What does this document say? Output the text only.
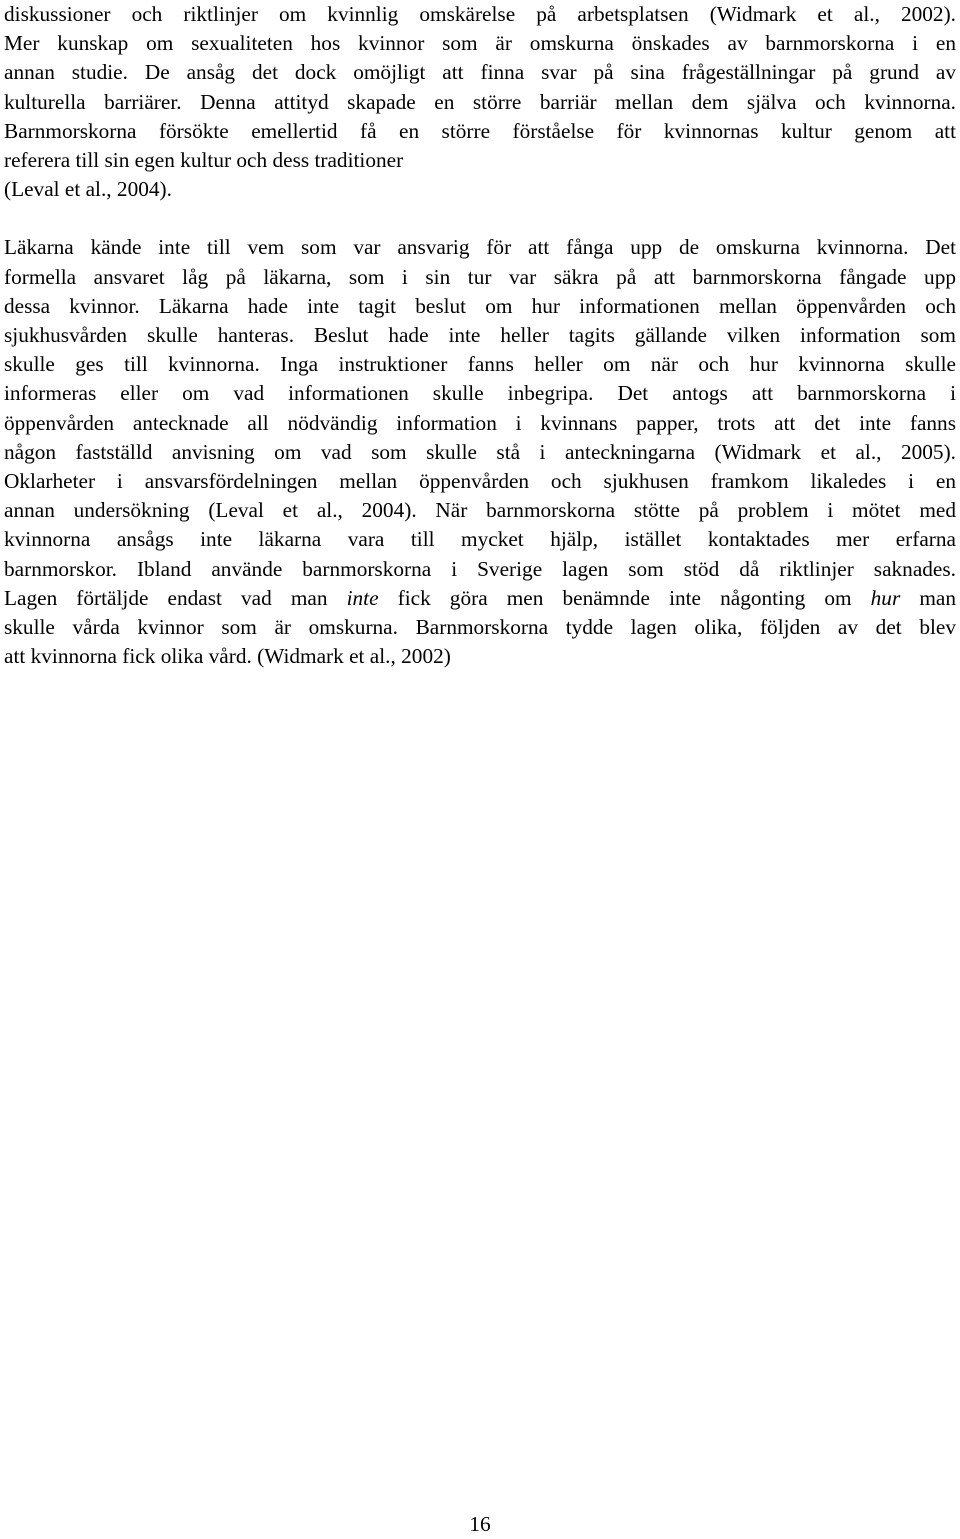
diskussioner och riktlinjer om kvinnlig omskärelse på arbetsplatsen (Widmark et al., 2002).
Mer kunskap om sexualiteten hos kvinnor som är omskurna önskades av barnmorskorna i en
annan studie. De ansåg det dock omöjligt att finna svar på sina frågeställningar på grund av
kulturella barriärer. Denna attityd skapade en större barriär mellan dem själva och kvinnorna.
Barnmorskorna försökte emellertid få en större förståelse för kvinnornas kultur genom att
referera till sin egen kultur och dess traditioner
(Leval et al., 2004).

Läkarna kände inte till vem som var ansvarig för att fånga upp de omskurna kvinnorna. Det
formella ansvaret låg på läkarna, som i sin tur var säkra på att barnmorskorna fångade upp
dessa kvinnor. Läkarna hade inte tagit beslut om hur informationen mellan öppenvården och
sjukhusvården skulle hanteras. Beslut hade inte heller tagits gällande vilken information som
skulle ges till kvinnorna. Inga instruktioner fanns heller om när och hur kvinnorna skulle
informeras eller om vad informationen skulle inbegripa. Det antogs att barnmorskorna i
öppenvården antecknade all nödvändig information i kvinnans papper, trots att det inte fanns
någon fastställd anvisning om vad som skulle stå i anteckningarna (Widmark et al., 2005).
Oklarheter i ansvarsfördelningen mellan öppenvården och sjukhusen framkom likaledes i en
annan undersökning (Leval et al., 2004). När barnmorskorna stötte på problem i mötet med
kvinnorna ansågs inte läkarna vara till mycket hjälp, istället kontaktades mer erfarna
barnmorskor. Ibland använde barnmorskorna i Sverige lagen som stöd då riktlinjer saknades.
Lagen förtäljde endast vad man inte fick göra men benämnde inte någonting om hur man
skulle vårda kvinnor som är omskurna. Barnmorskorna tydde lagen olika, följden av det blev
att kvinnorna fick olika vård. (Widmark et al., 2002)

16
